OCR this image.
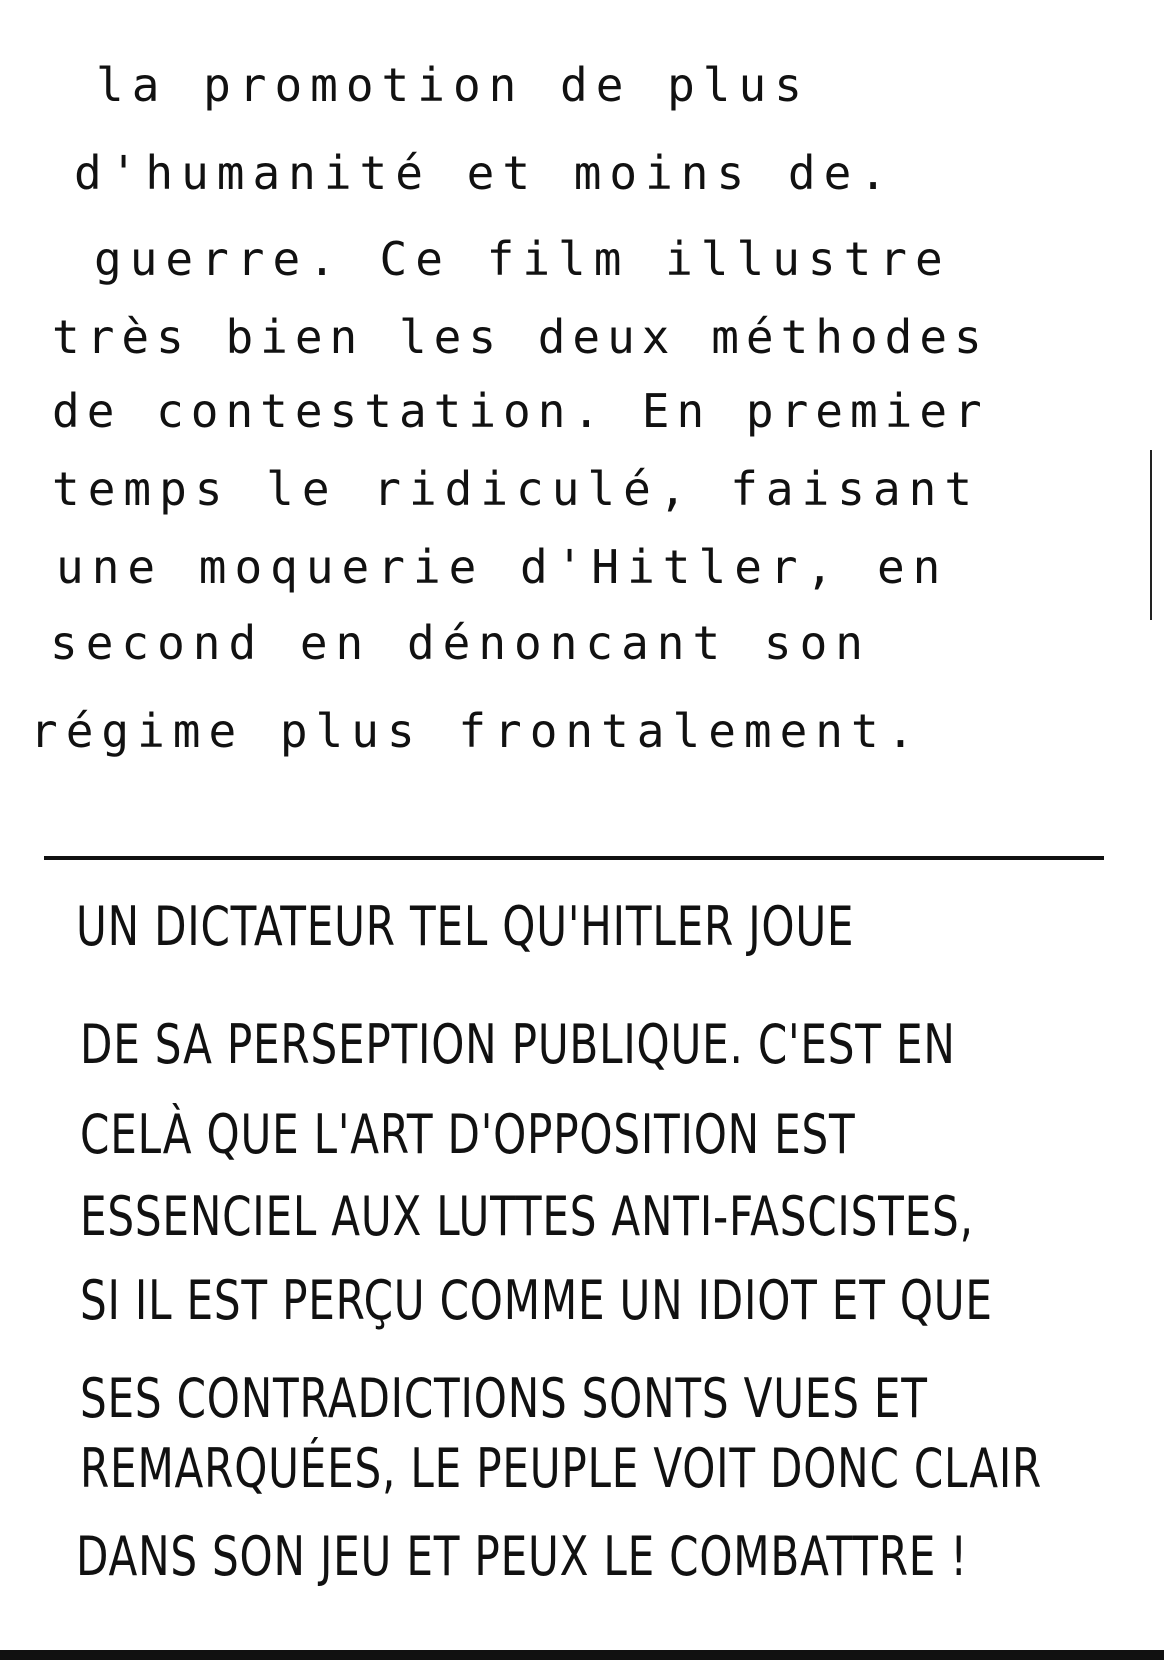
la promotion de plus
d'humanité et moins de.
guerre. Ce film illustre
très bien les deux méthodes
de contestation. En premier
temps le ridiculé, faisant
une moquerie d'Hitler, en
second en dénoncant son
régime plus frontalement.
UN DICTATEUR TEL QU'HITLER JOUE
DE SA PERSEPTION PUBLIQUE. C'EST EN
CELÀ QUE L'ART D'OPPOSITION EST
ESSENCIEL AUX LUTTES ANTI-FASCISTES,
SI IL EST PERÇU COMME UN IDIOT ET QUE
SES CONTRADICTIONS SONTS VUES ET
REMARQUÉES, LE PEUPLE VOIT DONC CLAIR
DANS SON JEU ET PEUX LE COMBATTRE !
